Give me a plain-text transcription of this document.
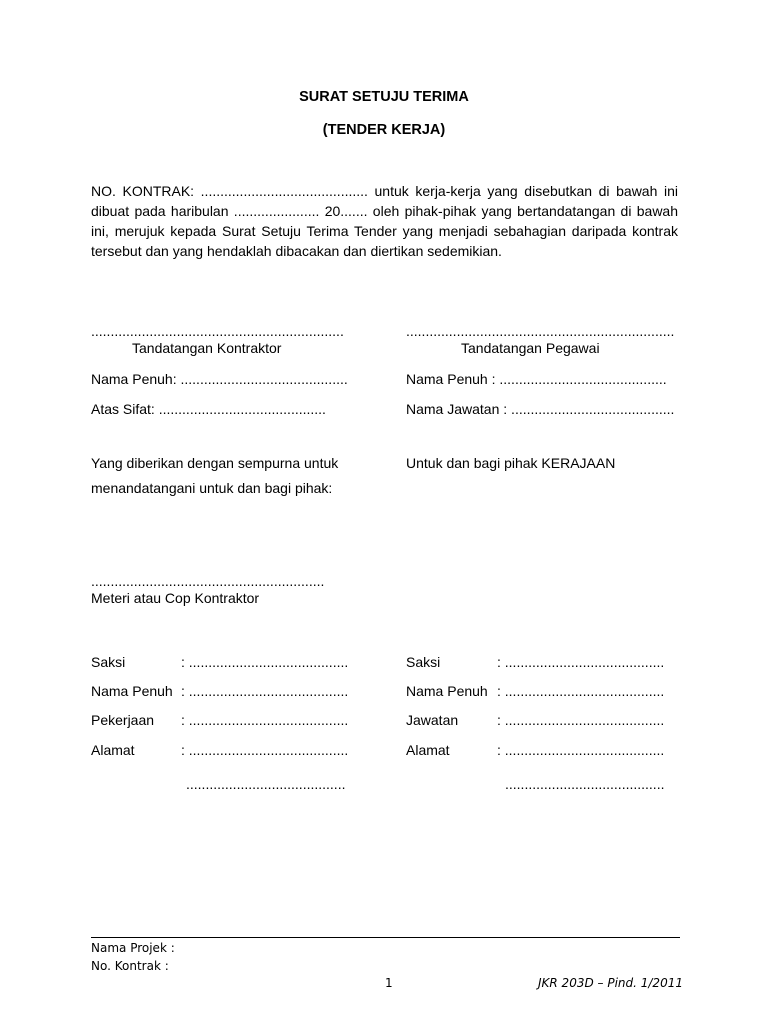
SURAT SETUJU TERIMA
(TENDER KERJA)
NO. KONTRAK: ........................................... untuk kerja-kerja yang disebutkan di bawah ini
dibuat pada haribulan ...................... 20....... oleh pihak-pihak yang bertandatangan di bawah
ini, merujuk kepada Surat Setuju Terima Tender yang menjadi sebahagian daripada kontrak
tersebut dan yang hendaklah dibacakan dan diertikan sedemikian.
.................................................................
Tandatangan Kontraktor
.....................................................................
Tandatangan Pegawai
Nama Penuh: ...........................................	Nama Penuh : ...........................................
Atas Sifat: ...........................................	Nama Jawatan : ..........................................
Yang diberikan dengan sempurna untuk
menandatangani untuk dan bagi pihak:
Untuk dan bagi pihak KERAJAAN
............................................................
Meteri atau Cop Kontraktor
Saksi	: .........................................
Nama Penuh : .........................................
Pekerjaan : .........................................
Alamat	: .........................................
.........................................
Saksi	: .........................................
Nama Penuh : .........................................
Jawatan	: .........................................
Alamat	: .........................................
.........................................
Nama Projek :
No. Kontrak :
1	JKR 203D – Pind. 1/2011
